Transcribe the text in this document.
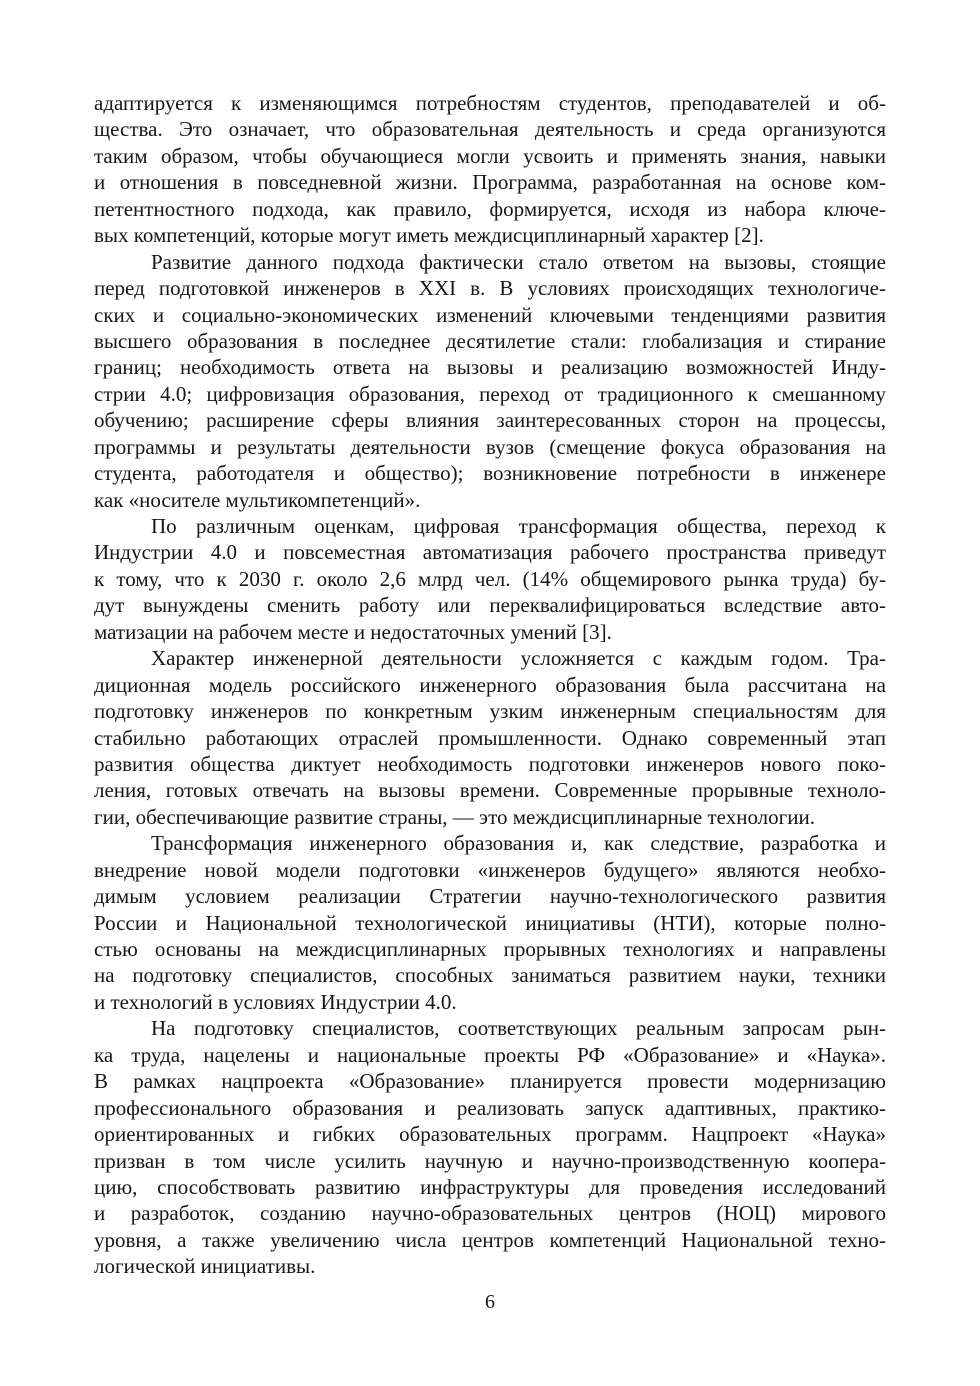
адаптируется к изменяющимся потребностям студентов, преподавателей и об-
щества. Это означает, что образовательная деятельность и среда организуются
таким образом, чтобы обучающиеся могли усвоить и применять знания, навыки
и отношения в повседневной жизни. Программа, разработанная на основе ком-
петентностного подхода, как правило, формируется, исходя из набора ключе-
вых компетенций, которые могут иметь междисциплинарный характер [2].
Развитие данного подхода фактически стало ответом на вызовы, стоящие
перед подготовкой инженеров в XXI в. В условиях происходящих технологиче-
ских и социально-экономических изменений ключевыми тенденциями развития
высшего образования в последнее десятилетие стали: глобализация и стирание
границ; необходимость ответа на вызовы и реализацию возможностей Инду-
стрии 4.0; цифровизация образования, переход от традиционного к смешанному
обучению; расширение сферы влияния заинтересованных сторон на процессы,
программы и результаты деятельности вузов (смещение фокуса образования на
студента, работодателя и общество); возникновение потребности в инженере
как «носителе мультикомпетенций».
По различным оценкам, цифровая трансформация общества, переход к
Индустрии 4.0 и повсеместная автоматизация рабочего пространства приведут
к тому, что к 2030 г. около 2,6 млрд чел. (14% общемирового рынка труда) бу-
дут вынуждены сменить работу или переквалифицироваться вследствие авто-
матизации на рабочем месте и недостаточных умений [3].
Характер инженерной деятельности усложняется с каждым годом. Тра-
диционная модель российского инженерного образования была рассчитана на
подготовку инженеров по конкретным узким инженерным специальностям для
стабильно работающих отраслей промышленности. Однако современный этап
развития общества диктует необходимость подготовки инженеров нового поко-
ления, готовых отвечать на вызовы времени. Современные прорывные техноло-
гии, обеспечивающие развитие страны, — это междисциплинарные технологии.
Трансформация инженерного образования и, как следствие, разработка и
внедрение новой модели подготовки «инженеров будущего» являются необхо-
димым условием реализации Стратегии научно-технологического развития
России и Национальной технологической инициативы (НТИ), которые полно-
стью основаны на междисциплинарных прорывных технологиях и направлены
на подготовку специалистов, способных заниматься развитием науки, техники
и технологий в условиях Индустрии 4.0.
На подготовку специалистов, соответствующих реальным запросам рын-
ка труда, нацелены и национальные проекты РФ «Образование» и «Наука».
В рамках нацпроекта «Образование» планируется провести модернизацию
профессионального образования и реализовать запуск адаптивных, практико-
ориентированных и гибких образовательных программ. Нацпроект «Наука»
призван в том числе усилить научную и научно-производственную коопера-
цию, способствовать развитию инфраструктуры для проведения исследований
и разработок, созданию научно-образовательных центров (НОЦ) мирового
уровня, а также увеличению числа центров компетенций Национальной техно-
логической инициативы.
6
